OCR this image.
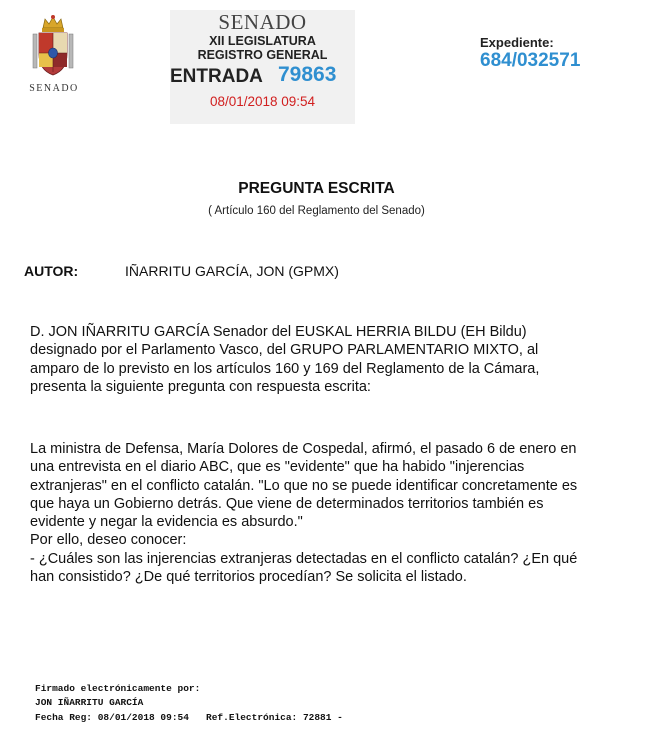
SENADO
SENADO
XII LEGISLATURA
REGISTRO GENERAL
ENTRADA 79863
08/01/2018 09:54
Expediente:
684/032571
PREGUNTA ESCRITA
( Artículo 160 del Reglamento del Senado)
AUTOR:	IÑARRITU GARCÍA, JON (GPMX)
D. JON IÑARRITU GARCÍA Senador del EUSKAL HERRIA BILDU (EH Bildu)
designado por el Parlamento Vasco, del GRUPO PARLAMENTARIO MIXTO, al
amparo de lo previsto en los artículos 160 y 169 del Reglamento de la Cámara,
presenta la siguiente pregunta con respuesta escrita:
La ministra de Defensa, María Dolores de Cospedal, afirmó, el pasado 6 de enero en
una entrevista en el diario ABC, que es "evidente" que ha habido "injerencias
extranjeras" en el conflicto catalán. "Lo que no se puede identificar concretamente es
que haya un Gobierno detrás. Que viene de determinados territorios también es
evidente y negar la evidencia es absurdo."
Por ello, deseo conocer:
- ¿Cuáles son las injerencias extranjeras detectadas en el conflicto catalán? ¿En qué
han consistido? ¿De qué territorios procedían? Se solicita el listado.
Firmado electrónicamente por:
JON IÑARRITU GARCÍA
Fecha Reg: 08/01/2018 09:54   Ref.Electrónica: 72881 -
